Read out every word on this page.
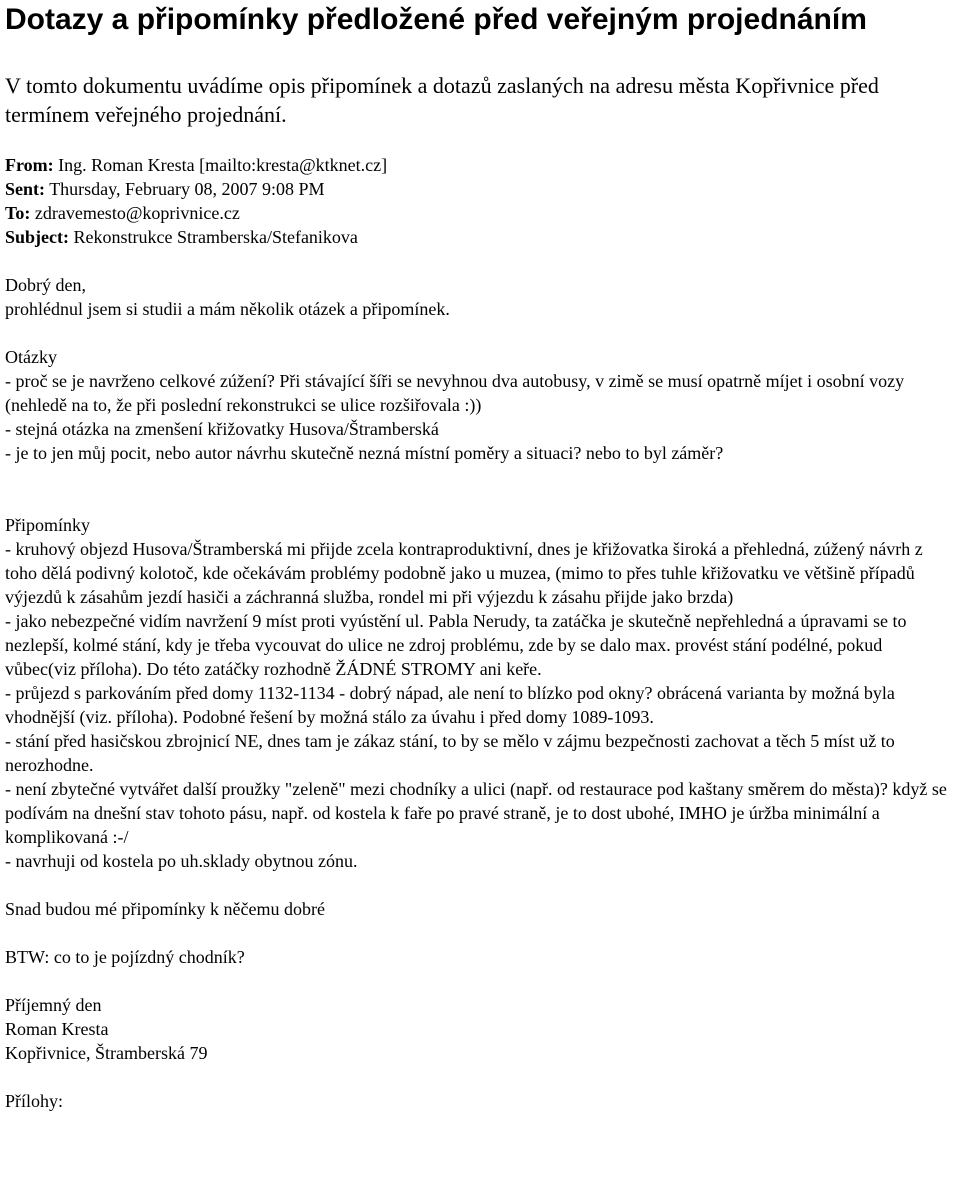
Dotazy a připomínky předložené před veřejným projednáním
V tomto dokumentu uvádíme opis připomínek a dotazů zaslaných na adresu města Kopřivnice před termínem veřejného projednání.
From: Ing. Roman Kresta [mailto:kresta@ktknet.cz]
Sent: Thursday, February 08, 2007 9:08 PM
To: zdravemesto@koprivnice.cz
Subject: Rekonstrukce Stramberska/Stefanikova
Dobrý den,
prohlédnul jsem si studii a mám několik otázek a připomínek.
Otázky
- proč se je navrženo celkové zúžení? Při stávající šíři se nevyhnou dva autobusy, v zimě se musí opatrně míjet i osobní vozy (nehledě na to, že při poslední rekonstrukci se ulice rozšiřovala :))
- stejná otázka na zmenšení křižovatky Husova/Štramberská
- je to jen můj pocit, nebo autor návrhu skutečně nezná místní poměry a situaci? nebo to byl záměr?
Připomínky
- kruhový objezd Husova/Štramberská mi přijde zcela kontraproduktivní, dnes je křižovatka široká a přehledná, zúžený návrh z toho dělá podivný kolotoč, kde očekávám problémy podobně jako u muzea, (mimo to přes tuhle křižovatku ve většině případů výjezdů k zásahům jezdí hasiči a záchranná služba, rondel mi při výjezdu k zásahu přijde jako brzda)
- jako nebezpečné vidím navržení 9 míst proti vyústění ul. Pabla Nerudy, ta zatáčka je skutečně nepřehledná a úpravami se to nezlepší, kolmé stání, kdy je třeba vycouvat do ulice ne zdroj problému, zde by se dalo max. provést stání podélné, pokud vůbec(viz příloha). Do této zatáčky rozhodně ŽÁDNÉ STROMY ani keře.
- průjezd s parkováním před domy 1132-1134 - dobrý nápad, ale není to blízko pod okny? obrácená varianta by možná byla vhodnější (viz. příloha). Podobné řešení by možná stálo za úvahu i před domy 1089-1093.
- stání před hasičskou zbrojnicí NE, dnes tam je zákaz stání, to by se mělo v zájmu bezpečnosti zachovat a těch 5 míst už to nerozhodne.
- není zbytečné vytvářet další proužky "zeleně" mezi chodníky a ulici (např. od restaurace pod kaštany směrem do města)? když se podívám na dnešní stav tohoto pásu, např. od kostela k faře po pravé straně, je to dost ubohé, IMHO je úržba minimální a komplikovaná :-/
- navrhuji od kostela po uh.sklady obytnou zónu.
Snad budou mé připomínky k něčemu dobré
BTW: co to je pojízdný chodník?
Příjemný den
Roman Kresta
Kopřivnice, Štramberská 79
Přílohy:
